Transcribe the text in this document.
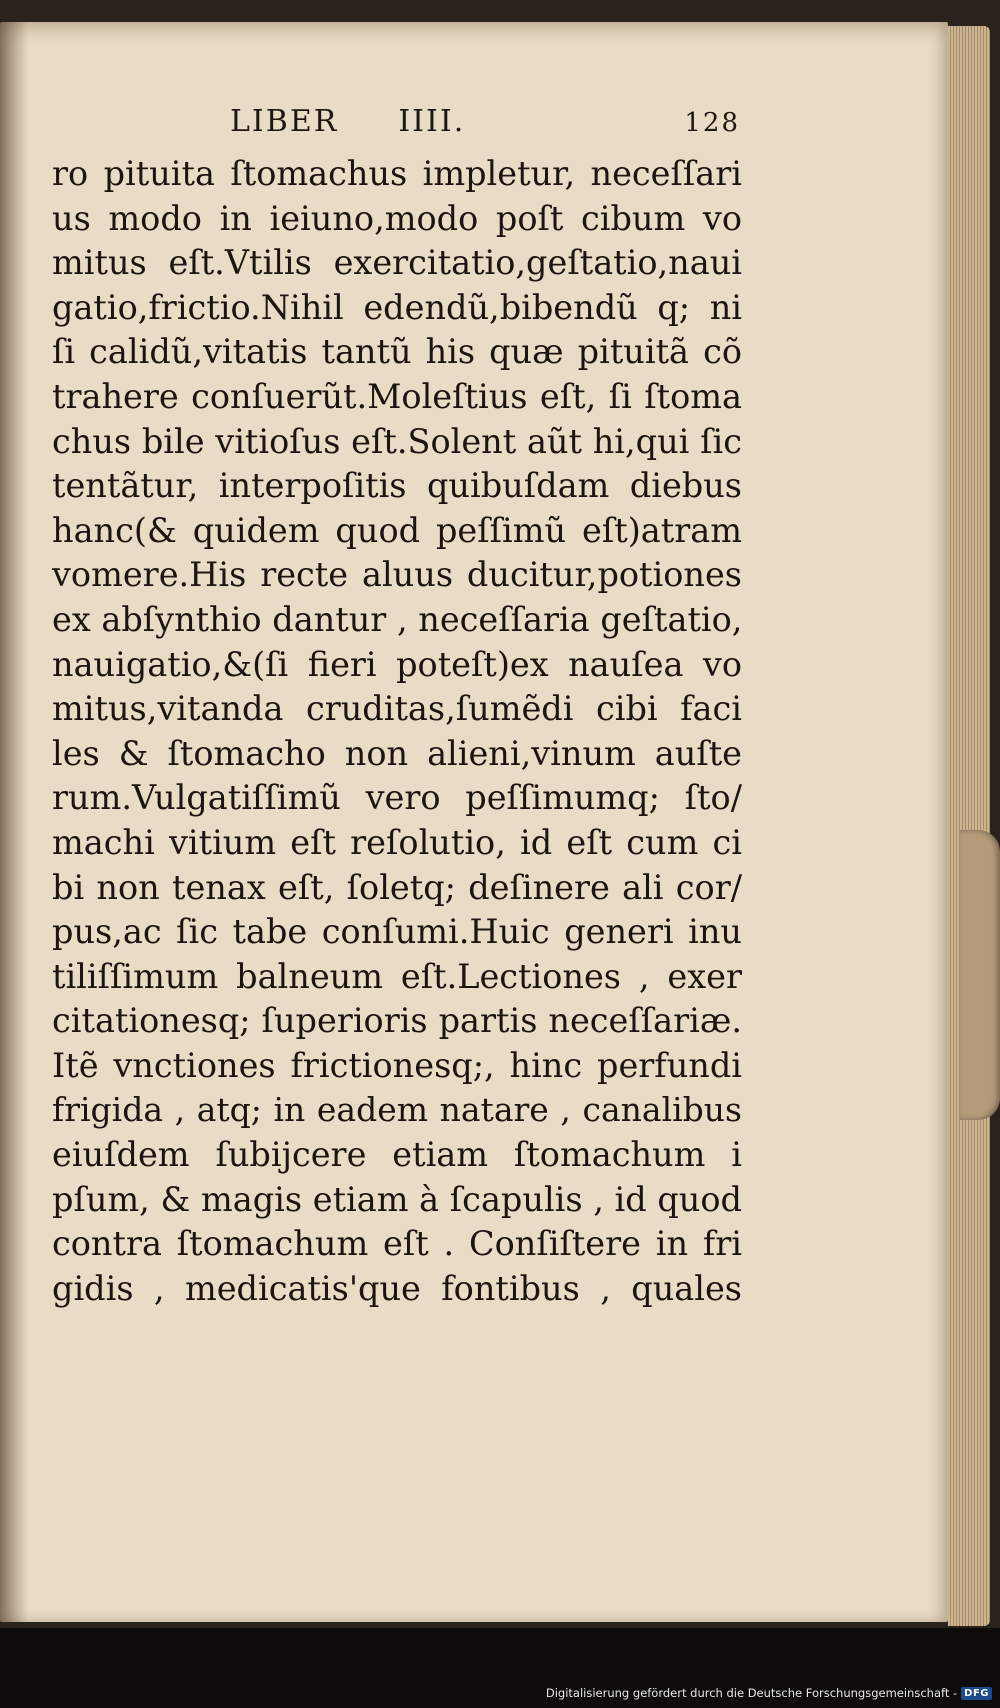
LIBER IIII.	128
ro pituita ſtomachus impletur, neceſſari
us modo in ieiuno,modo poſt cibum vo
mitus eſt.Vtilis exercitatio,geſtatio,naui
gatio,frictio.Nihil edendũ,bibendũ q; ni
ſi calidũ,vitatis tantũ his quæ pituitã cõ
trahere conſuerũt.Moleſtius eſt, ſi ſtoma
chus bile vitioſus eſt.Solent aũt hi,qui ſic
tentãtur, interpoſitis quibuſdam diebus
hanc(& quidem quod peſſimũ eſt)atram
vomere.His recte aluus ducitur,potiones
ex abſynthio dantur , neceſſaria geſtatio,
nauigatio,&(ſi fieri poteſt)ex nauſea vo
mitus,vitanda cruditas,ſumẽdi cibi faci
les & ſtomacho non alieni,vinum auſte
rum.Vulgatiſſimũ vero peſſimumq; ſto/
machi vitium eſt reſolutio, id eſt cum ci
bi non tenax eſt, ſoletq; deſinere ali cor/
pus,ac ſic tabe conſumi.Huic generi inu
tiliſſimum balneum eſt.Lectiones , exer
citationesq; ſuperioris partis neceſſariæ.
Itẽ vnctiones frictionesq;, hinc perfundi
frigida , atq; in eadem natare , canalibus
eiuſdem ſubijcere etiam ſtomachum i
pſum, & magis etiam à ſcapulis , id quod
contra ſtomachum eſt . Conſiſtere in fri
gidis , medicatis'que fontibus , quales
Digitalisierung gefördert durch die Deutsche Forschungsgemeinschaft - DFG
